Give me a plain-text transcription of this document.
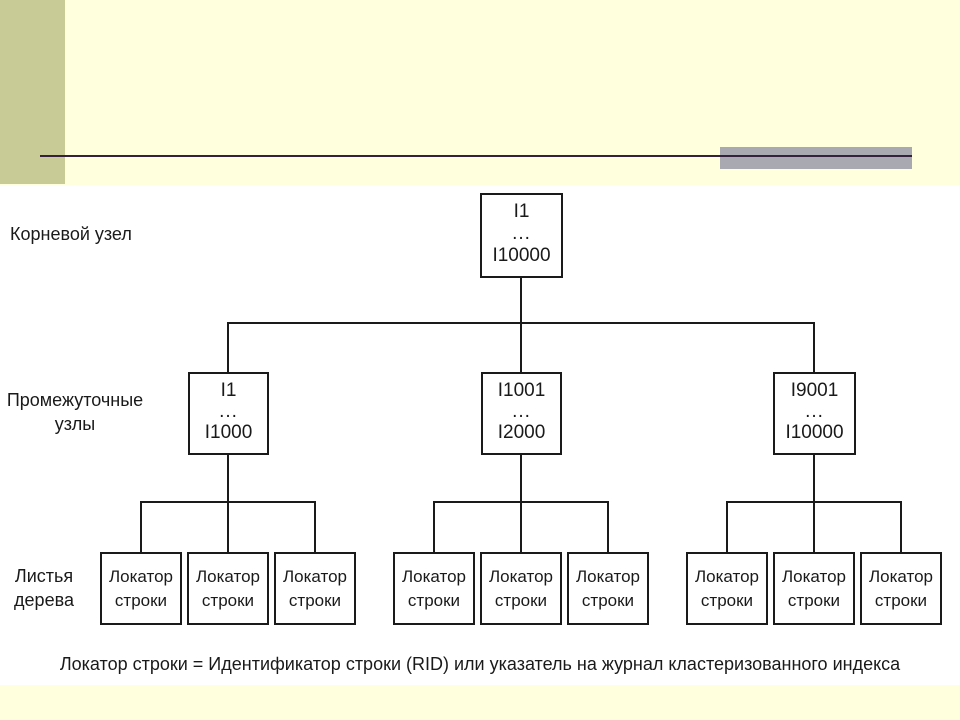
Корневой узел
Промежуточные
узлы
Листья
дерева
I1
...
I10000
I1
...
I1000
I1001
...
I2000
I9001
...
I10000
Локатор
строки
Локатор
строки
Локатор
строки
Локатор
строки
Локатор
строки
Локатор
строки
Локатор
строки
Локатор
строки
Локатор
строки
Локатор строки = Идентификатор строки (RID) или указатель на журнал кластеризованного индекса
